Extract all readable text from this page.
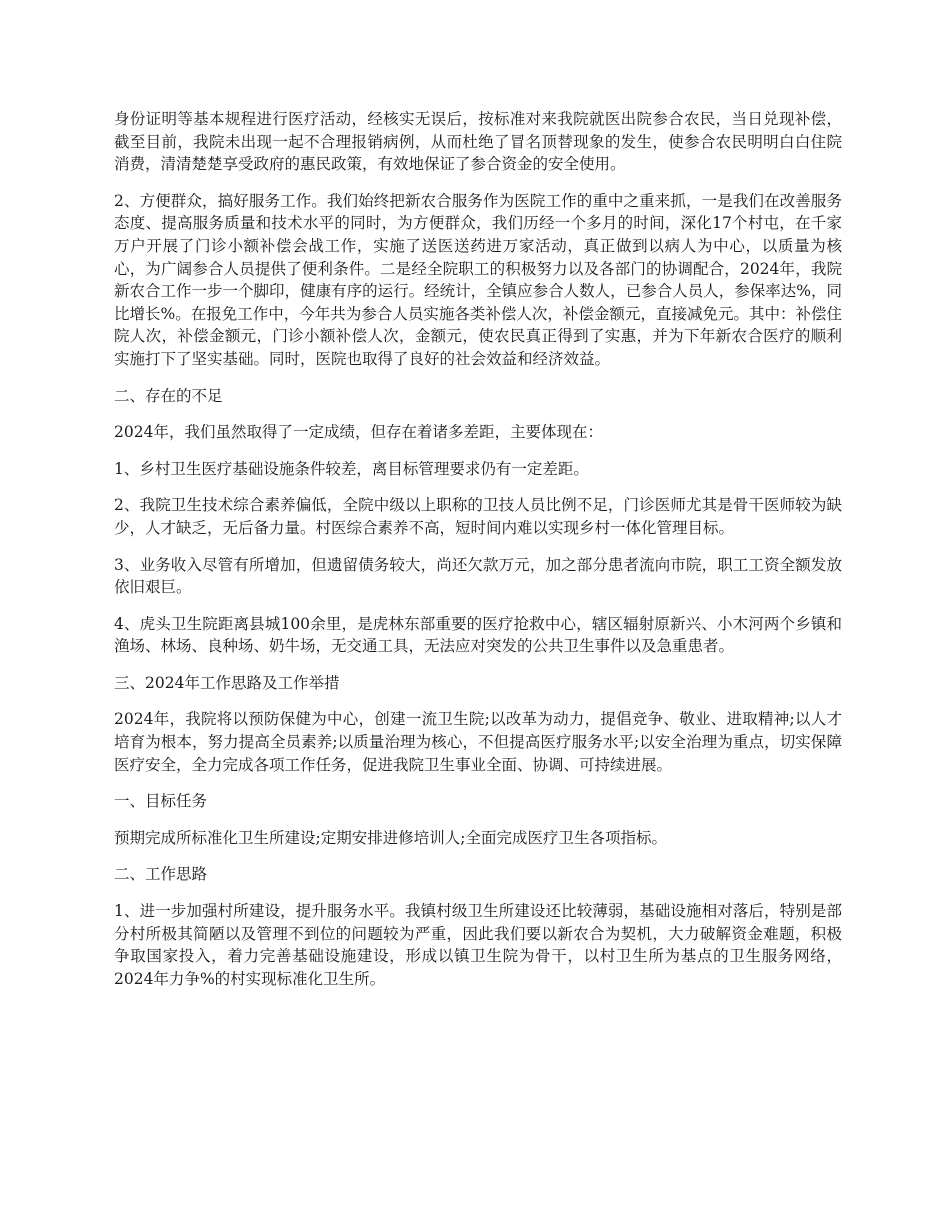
身份证明等基本规程进行医疗活动，经核实无误后，按标准对来我院就医出院参合农民，当日兑现补偿，截至目前，我院未出现一起不合理报销病例，从而杜绝了冒名顶替现象的发生，使参合农民明明白白住院消费，清清楚楚享受政府的惠民政策，有效地保证了参合资金的安全使用。

2、方便群众，搞好服务工作。我们始终把新农合服务作为医院工作的重中之重来抓，一是我们在改善服务态度、提高服务质量和技术水平的同时，为方便群众，我们历经一个多月的时间，深化17个村屯，在千家万户开展了门诊小额补偿会战工作，实施了送医送药进万家活动，真正做到以病人为中心，以质量为核心，为广阔参合人员提供了便利条件。二是经全院职工的积极努力以及各部门的协调配合，2024年，我院新农合工作一步一个脚印，健康有序的运行。经统计，全镇应参合人数人，已参合人员人，参保率达%，同比增长%。在报免工作中，今年共为参合人员实施各类补偿人次，补偿金额元，直接减免元。其中：补偿住院人次，补偿金额元，门诊小额补偿人次，金额元，使农民真正得到了实惠，并为下年新农合医疗的顺利实施打下了坚实基础。同时，医院也取得了良好的社会效益和经济效益。

二、存在的不足

2024年，我们虽然取得了一定成绩，但存在着诸多差距，主要体现在：

1、乡村卫生医疗基础设施条件较差，离目标管理要求仍有一定差距。

2、我院卫生技术综合素养偏低，全院中级以上职称的卫技人员比例不足，门诊医师尤其是骨干医师较为缺少，人才缺乏，无后备力量。村医综合素养不高，短时间内难以实现乡村一体化管理目标。

3、业务收入尽管有所增加，但遗留债务较大，尚还欠款万元，加之部分患者流向市院，职工工资全额发放依旧艰巨。

4、虎头卫生院距离县城100余里，是虎林东部重要的医疗抢救中心，辖区辐射原新兴、小木河两个乡镇和渔场、林场、良种场、奶牛场，无交通工具，无法应对突发的公共卫生事件以及急重患者。

三、2024年工作思路及工作举措

2024年，我院将以预防保健为中心，创建一流卫生院;以改革为动力，提倡竞争、敬业、进取精神;以人才培育为根本，努力提高全员素养;以质量治理为核心，不但提高医疗服务水平;以安全治理为重点，切实保障医疗安全，全力完成各项工作任务，促进我院卫生事业全面、协调、可持续进展。

一、目标任务

预期完成所标准化卫生所建设;定期安排进修培训人;全面完成医疗卫生各项指标。

二、工作思路

1、进一步加强村所建设，提升服务水平。我镇村级卫生所建设还比较薄弱，基础设施相对落后，特别是部分村所极其简陋以及管理不到位的问题较为严重，因此我们要以新农合为契机，大力破解资金难题，积极争取国家投入，着力完善基础设施建设，形成以镇卫生院为骨干，以村卫生所为基点的卫生服务网络，2024年力争%的村实现标准化卫生所。
